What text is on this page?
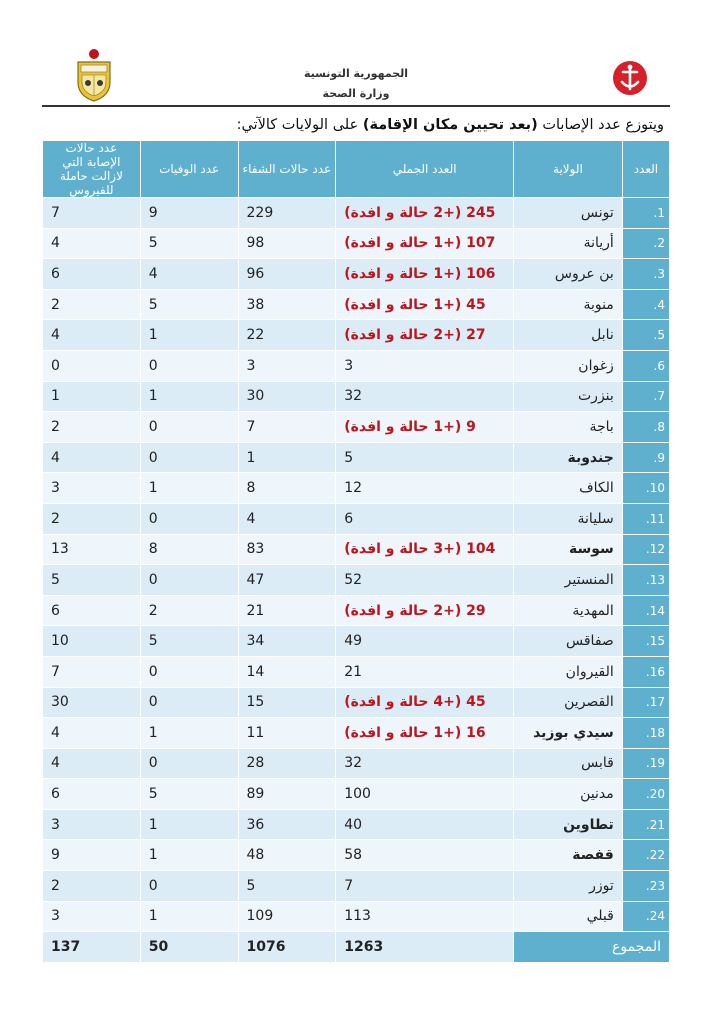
الجمهورية التونسية
وزارة الصحة
ويتوزع عدد الإصابات (بعد تحيين مكان الإقامة) على الولايات كالآتي:
العدد	الولاية	العدد الجملي	عدد حالات الشفاء	عدد الوفيات	عدد حالات الإصابة التي لازالت حاملة للفيروس
1.	تونس	245 (+2 حالة و افدة)	229	9	7
2.	أريانة	107 (+1 حالة و افدة)	98	5	4
3.	بن عروس	106 (+1 حالة و افدة)	96	4	6
4.	منوبة	45 (+1 حالة و افدة)	38	5	2
5.	نابل	27 (+2 حالة و افدة)	22	1	4
6.	زغوان	3	3	0	0
7.	بنزرت	32	30	1	1
8.	باجة	9 (+1 حالة و افدة)	7	0	2
9.	جندوبة	5	1	0	4
10.	الكاف	12	8	1	3
11.	سليانة	6	4	0	2
12.	سوسة	104 (+3 حالة و افدة)	83	8	13
13.	المنستير	52	47	0	5
14.	المهدية	29 (+2 حالة و افدة)	21	2	6
15.	صفاقس	49	34	5	10
16.	القيروان	21	14	0	7
17.	القصرين	45 (+4 حالة و افدة)	15	0	30
18.	سيدي بوزيد	16 (+1 حالة و افدة)	11	1	4
19.	قابس	32	28	0	4
20.	مدنين	100	89	5	6
21.	تطاوين	40	36	1	3
22.	قفصة	58	48	1	9
23.	توزر	7	5	0	2
24.	قبلي	113	109	1	3
المجموع		1263	1076	50	137
